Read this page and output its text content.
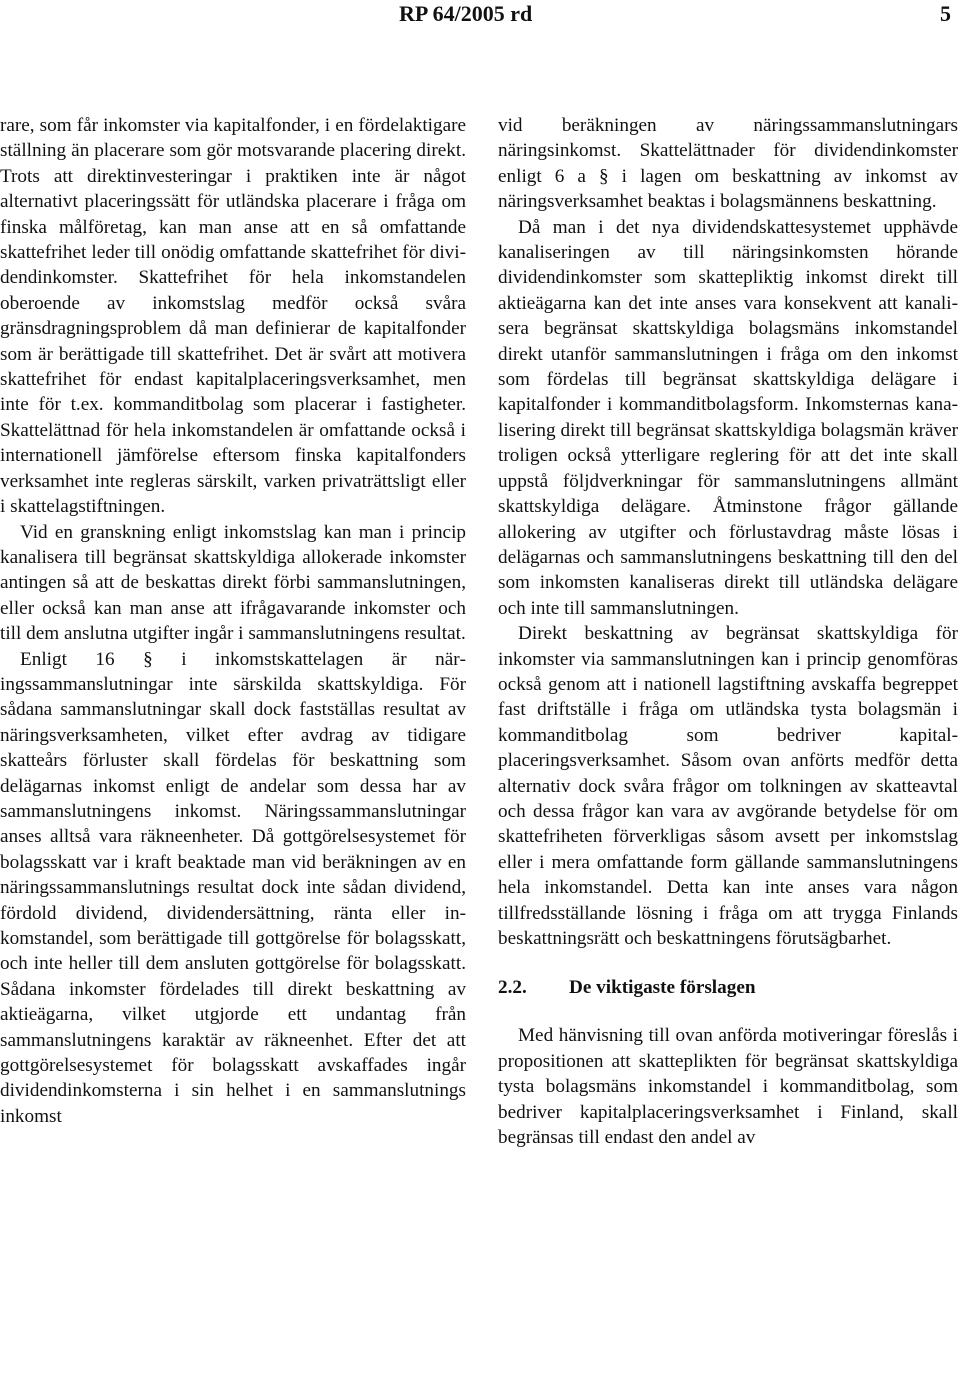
RP 64/2005 rd	5

rare, som får inkomster via kapitalfonder, i en fördelaktigare ställning än placerare som gör motsvarande placering direkt. Trots att direktinvesteringar i praktiken inte är något alternativt placeringssätt för utländska placerare i fråga om finska målföretag, kan man anse att en så omfattande skattefrihet leder till onödig omfattande skattefrihet för dividendinkomster. Skattefrihet för hela inkomstandelen oberoende av inkomstslag medför också svåra gränsdragningsproblem då man definierar de kapitalfonder som är berättigade till skattefrihet. Det är svårt att motivera skattefrihet för endast kapitalplaceringsverksamhet, men inte för t.ex. kommanditbolag som placerar i fastigheter. Skattelättnad för hela inkomstandelen är omfattande också i internationell jämförelse eftersom finska kapitalfonders verksamhet inte regleras särskilt, varken privaträttsligt eller i skattelagstiftningen.

Vid en granskning enligt inkomstslag kan man i princip kanalisera till begränsat skattskyldiga allokerade inkomster antingen så att de beskattas direkt förbi sammanslutningen, eller också kan man anse att ifrågavarande inkomster och till dem anslutna utgifter ingår i sammanslutningens resultat.

Enligt 16 § i inkomstskattelagen är näringssammanslutningar inte särskilda skattskyldiga. För sådana sammanslutningar skall dock fastställas resultat av näringsverksamheten, vilket efter avdrag av tidigare skatteårs förluster skall fördelas för beskattning som delägarnas inkomst enligt de andelar som dessa har av sammanslutningens inkomst. Näringssammanslutningar anses alltså vara räkneenheter. Då gottgörelsesystemet för bolagsskatt var i kraft beaktade man vid beräkningen av en näringssammanslutnings resultat dock inte sådan dividend, fördold dividend, dividendersättning, ränta eller inkomstandel, som berättigade till gottgörelse för bolagsskatt, och inte heller till dem ansluten gottgörelse för bolagsskatt. Sådana inkomster fördelades till direkt beskattning av aktieägarna, vilket utgjorde ett undantag från sammanslutningens karaktär av räkneenhet. Efter det att gottgörelsesystemet för bolagsskatt avskaffades ingår dividendinkomsterna i sin helhet i en sammanslutnings inkomst

vid beräkningen av näringssammanslutningars näringsinkomst. Skattelättnader för dividendinkomster enligt 6 a § i lagen om beskattning av inkomst av näringsverksamhet beaktas i bolagsmännens beskattning.

Då man i det nya dividendskattesystemet upphävde kanaliseringen av till näringsinkomsten hörande dividendinkomster som skattepliktig inkomst direkt till aktieägarna kan det inte anses vara konsekvent att kanalisera begränsat skattskyldiga bolagsmäns inkomstandel direkt utanför sammanslutningen i fråga om den inkomst som fördelas till begränsat skattskyldiga delägare i kapitalfonder i kommanditbolagsform. Inkomsternas kanalisering direkt till begränsat skattskyldiga bolagsmän kräver troligen också ytterligare reglering för att det inte skall uppstå följdverkningar för sammanslutningens allmänt skattskyldiga delägare. Åtminstone frågor gällande allokering av utgifter och förlustavdrag måste lösas i delägarnas och sammanslutningens beskattning till den del som inkomsten kanaliseras direkt till utländska delägare och inte till sammanslutningen.

Direkt beskattning av begränsat skattskyldiga för inkomster via sammanslutningen kan i princip genomföras också genom att i nationell lagstiftning avskaffa begreppet fast driftställe i fråga om utländska tysta bolagsmän i kommanditbolag som bedriver kapitalplaceringsverksamhet. Såsom ovan anförts medför detta alternativ dock svåra frågor om tolkningen av skatteavtal och dessa frågor kan vara av avgörande betydelse för om skattefriheten förverkligas såsom avsett per inkomstslag eller i mera omfattande form gällande sammanslutningens hela inkomstandel. Detta kan inte anses vara någon tillfredsställande lösning i fråga om att trygga Finlands beskattningsrätt och beskattningens förutsägbarhet.

2.2. De viktigaste förslagen

Med hänvisning till ovan anförda motiveringar föreslås i propositionen att skatteplikten för begränsat skattskyldiga tysta bolagsmäns inkomstandel i kommanditbolag, som bedriver kapitalplaceringsverksamhet i Finland, skall begränsas till endast den andel av
